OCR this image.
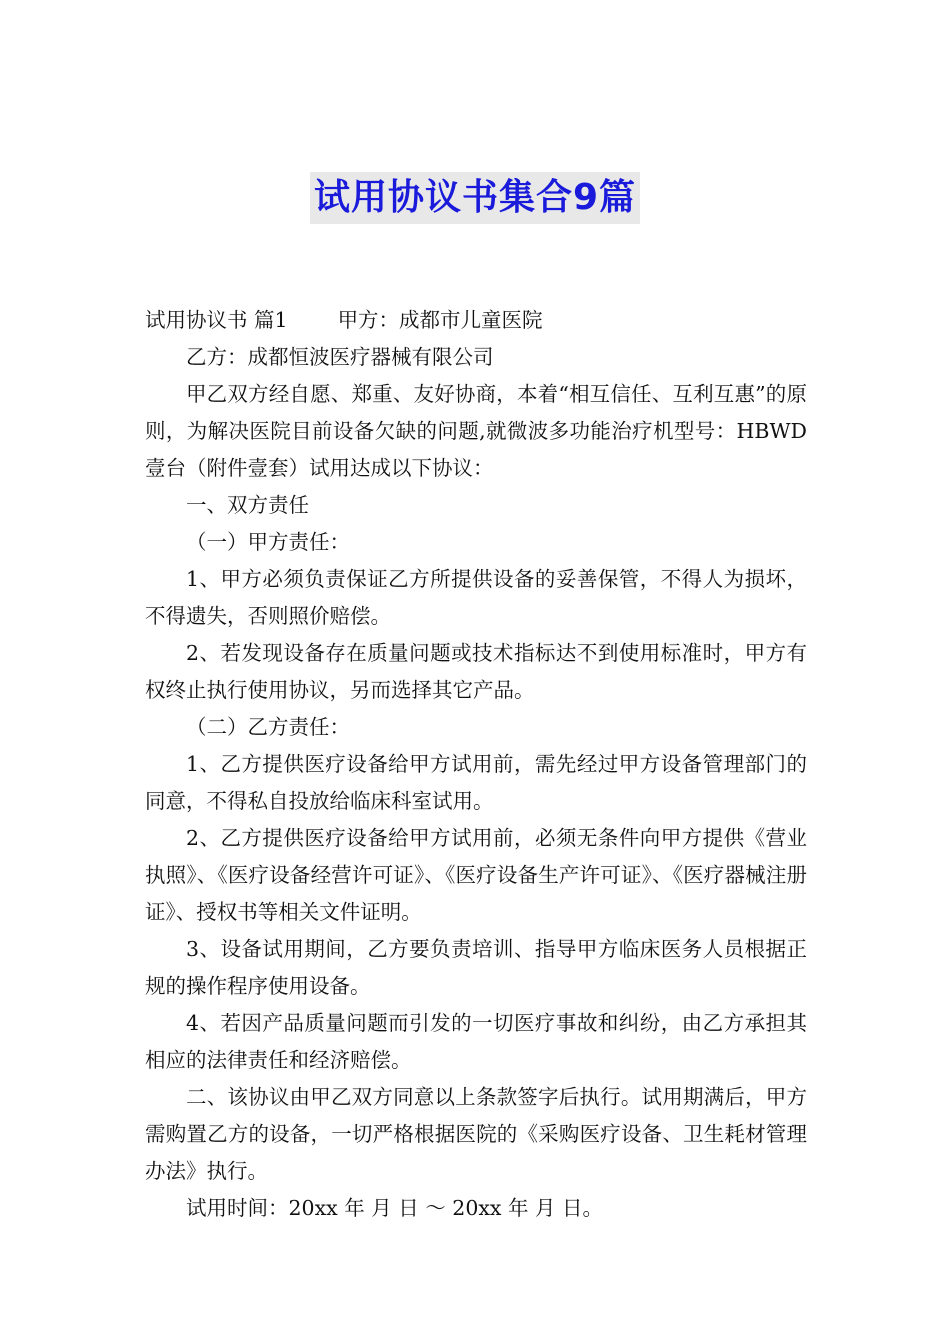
试用协议书集合9篇

试用协议书 篇1 甲方：成都市儿童医院

乙方：成都恒波医疗器械有限公司

甲乙双方经自愿、郑重、友好协商，本着“相互信任、互利互惠”的原则，为解决医院目前设备欠缺的问题,就微波多功能治疗机型号：HBWD壹台（附件壹套）试用达成以下协议：

一、双方责任

（一）甲方责任：

1、甲方必须负责保证乙方所提供设备的妥善保管，不得人为损坏，不得遗失，否则照价赔偿。

2、若发现设备存在质量问题或技术指标达不到使用标准时，甲方有权终止执行使用协议，另而选择其它产品。

（二）乙方责任：

1、乙方提供医疗设备给甲方试用前，需先经过甲方设备管理部门的同意，不得私自投放给临床科室试用。

2、乙方提供医疗设备给甲方试用前，必须无条件向甲方提供《营业执照》、《医疗设备经营许可证》、《医疗设备生产许可证》、《医疗器械注册证》、授权书等相关文件证明。

3、设备试用期间，乙方要负责培训、指导甲方临床医务人员根据正规的操作程序使用设备。

4、若因产品质量问题而引发的一切医疗事故和纠纷，由乙方承担其相应的法律责任和经济赔偿。

二、该协议由甲乙双方同意以上条款签字后执行。试用期满后，甲方需购置乙方的设备，一切严格根据医院的《采购医疗设备、卫生耗材管理办法》执行。

试用时间：20xx 年 月 日 ～ 20xx 年 月 日。
